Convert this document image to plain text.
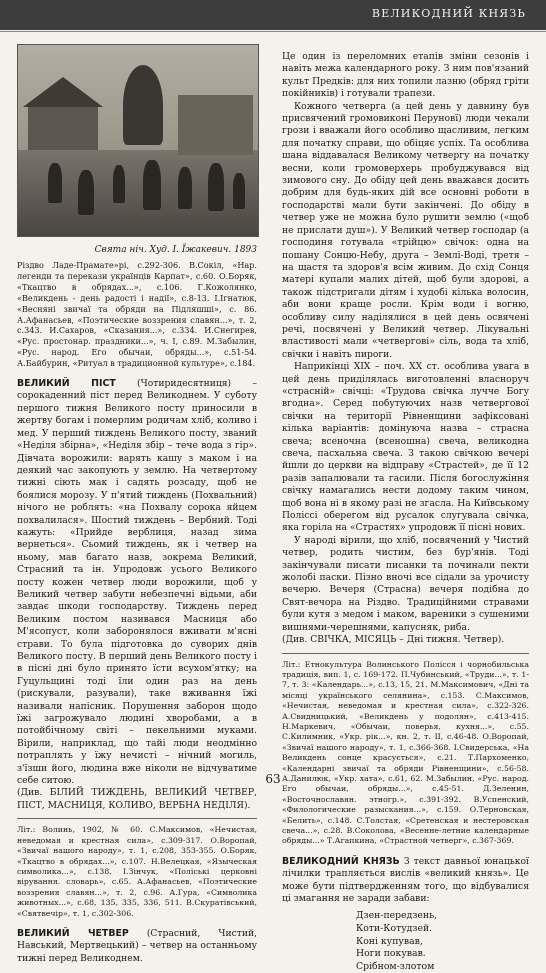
ВЕЛИКОДНИЙ КНЯЗЬ
Свята ніч. Худ. І. Їжакевич. 1893
Різдво Ладе-Прамате»рі, с.292-306. В.Сокіл, «Нар. легенди та перекази українців Карпат», с.60. О.Боряк, «Ткацтво в обрядах...», с.106. Г.Кожолянко, «Великдень - день радості і надії», с.8-13. І.Ігнатюк, «Весняні звичаї та обряди на Підляшші», с. 86. А.Афанасьев, «Поэтические воззрения славян...», т. 2, с.343. И.Сахаров, «Сказания...», с.334. И.Снегирев, «Рус. простонар. праздники...», ч. I, с.89. М.Забылин, «Рус. народ. Его обычаи, обряды...», с.51-54. А.Байбурин, «Ритуал в традиционной культуре», с.184.

ВЕЛИКИЙ ПІСТ (Чотиридесятниця) – сорокаденний піст перед Великоднем. У суботу першого тижня Великого посту приносили в жертву богам і померлим родичам хліб, коливо і мед. У перший тиждень Великого посту, званий «Неділя збірна», «Неділя збір – тече вода з гір». Дівчата ворожили: варять кашу з маком і на деякий час закопують у землю. На четвертому тижні сіють мак і садять розсаду, щоб не боялися морозу. У п'ятий тиждень (Похвальний) нічого не роблять: «на Похвалу сорока яйцем похвалилася». Шостий тиждень – Вербний. Тоді кажуть: «Прийде верблиця, назад зима вернеться». Сьомий тиждень, як і четвер на ньому, мав багато назв, зокрема Великий, Страсний та ін. Упродовж усього Великого посту кожен четвер люди ворожили, щоб у Великий четвер забути небезпечні відьми, аби завдає шкоди господарству. Тиждень перед Великим постом називався Масниця або М'ясопуст, коли заборонялося вживати м'ясні страви. То була підготовка до суворих днів Великого посту. В перший день Великого посту і в пісні дні було принято їсти всухом'ятку; на Гуцульщині тоді їли один раз на день (рискували, разували), таке вживання їжі називали напісник. Порушення заборон щодо їжі загрожувало людині хворобами, а в потойбічному світі – пекельними муками. Вірили, наприклад, що тайі люди неодмінно потраплять у їжу нечисті – нічний могиль, з'їзши його, людина вже ніколи не відчуватиме себе ситою.

(Див. БІЛИЙ ТИЖДЕНЬ, ВЕЛИКИЙ ЧЕТВЕР, ПІСТ, МАСНИЦЯ, КОЛИВО, ВЕРБНА НЕДІЛЯ).

Літ.: Волинь, 1902, № 60. С.Максимов, «Нечистая, неведомая и крестная сила», с.309-317. О.Воропай, «Звичаї нашого народу», т. 1, с.208, 353-355. О.Боряк, «Ткацтво в обрядах...», с.107. Н.Велецкая, «Языческая символика...», с.138. І.Зінчук, «Поліські церковні вірування. словарь», с.65. А.Афанасьев, «Поэтические воззрения славян...», т. 2, с.96. А.Гура, «Символика животных...», с.68, 135, 335, 336, 511. В.Скуратівський, «Святвечір», т. 1, с.302-306.

ВЕЛИКИЙ ЧЕТВЕР (Страсний, Чистий, Навський, Мертвецький) – четвер на останньому тижні перед Великоднем.

Це один із переломних етапів зміни сезонів і навіть межа календарного року. З ним пов'язаний культ Предків: для них топили лазню (обряд гріти покійників) і готували трапези.

Кожного четверга (а цей день у давнину був присвячений громовиконі Перуновї) люди чекали грози і вважали його особливо щасливим, легким для початку справи, що обіцяє успіх. Та особлива шана віддавалася Великому четвергу на початку весни, коли громоверхерь пробуджувався від зимового сну. До обіду цей день вважався досить добрим для будь-яких дій все основні роботи в господарстві мали бути закінчені. До обіду в четвер уже не можна було рушити землю («щоб не прислати душ»). У Великий четвер господар (а господиня готувала «трійцю» свічок: одна на пошану Сонцю-Небу, друга – Землі-Воді, третя – на щастя та здоров'я всім живим. До схід Сонця матері купали малих дітей, щоб були здорові, а також підстригали дітям і худобі кілька волосин, аби вони краще росли. Крім води і вогню, особливу силу наділялися в цей день освячені речі, посвячені у Великий четвер. Лікувальні властивості мали «четвергові» сіль, вода та хліб, свічки і навіть пироги.

Наприкінці XIX – поч. XX ст. особлива увага в цей день приділялась виготовленні власноруч «страсній» свічці: «Трудова свічка лучче Богу вгодна». Серед побутуючих назв четвергової свічки на території Рівненщини зафіксовані кілька варіантів: домінуюча назва – страсна свеча; всеночна (всеношна) свеча, великодна свеча, пасхальна свеча. З такою свічкою вечері йшли до церкви на відправу «Страстей», де її 12 разів запалювали та гасили. Після богослужіння свічку намагались нести додому таким чином, щоб вона ні в якому разі не згасла. На Київському Поліссі оберегом від русалок слугувала свічка, яка горіла на «Страстях» упродовж її пісні нових.

У народі вірили, що хліб, посвячений у Чистий четвер, родить чистим, без бур'янів. Тоді закінчували писати писанки та починали пекти жолобі паски. Пізно вночі все сідали за урочисту вечерю. Вечеря (Страсна) вечеря подібна до Свят-вечора на Різдво. Традиційними стравами були кутя з медом і маком, вареники з сушеними вишнями-черешнями, капусняк, риба.

(Див. СВІЧКА, МІСЯЦЬ – Дні тижня. Четвер).

Літ.: Етнокультура Волинського Полісся і чорнобильська традиція, вип. 1, с. 169-172. П.Чубинський, «Труди...», т. 1-7, т. 3: «Календарь...», с.13, 15, 21. М.Максимович, «Дні та місяці українського селянина», с.153. С.Максимов, «Нечистая, неведомая и крестная сила», с.322-326. А.Свидницький, «Великдень у подолян», с.413-415. Н.Маркевич, «Обычаи, поверья, кухня...», с.55. С.Килимник, «Укр. рік...», кн. 2, т. ІІ, с.46-48. О.Воропай, «Звичаї нашого народу», т. 1, с.366-368. І.Свидерська, «На Великдень сонце красується», с.21. Т.Пархоменко, «Календарні звичаї та обряди Рівненщини», с.56-58. А.Данилюк, «Укр. хата», с.61, 62. М.Забылин, «Рус. народ. Его обычаи, обряды...», с.45-51. Д.Зеленин, «Восточнославян. этногр.», с.391-392. В.Успенский, «Филологические разыскания...», с.159. О.Терновская, «Белить», с.148. С.Толстая, «Сретенская и нестеровская свеча...», с.28. В.Соколова, «Весенне-летние календарные обряды...» Т.Агапкина, «Страстной четверг», с.367-369.

ВЕЛИКОДНИЙ КНЯЗЬ З текст давньої юнацької лічилки трапляється вислів «великий князь». Це може бути підтвердженням того, що відбувалися ці змагання не заради забави:

Дзен-передзень,
Коти-Котудзей.
Коні купував,
Ноги покував.
Срібном-злотом
63
